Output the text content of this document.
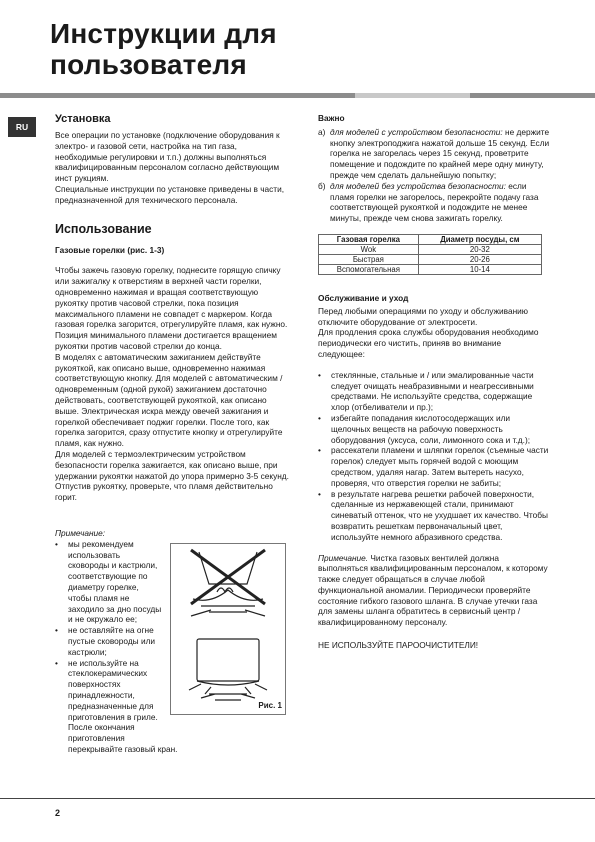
Инструкции для
пользователя
RU
Установка

Все операции по установке (подключение оборудования к электро- и газовой сети, настройка на тип газа, необходимые регулировки и т.п.) должны выполняться квалифицированным персоналом согласно действующим инст рукциям.

Специальные инструкции по установке приведены в части, предназначенной для технического персонала.

Использование
Газовые горелки (рис. 1-3)

Чтобы зажечь газовую горелку, поднесите горящую спичку или зажигалку к отверстиям в верхней части горелки, одновременно нажимая и вращая соответствующую рукоятку против часовой стрелки, пока позиция максимального пламени не совпадет с маркером. Когда газовая горелка загорится, отрегулируйте пламя, как нужно. Позиция минимального пламени достигается вращением рукоятки против часовой стрелки до конца.

В моделях с автоматическим зажиганием действуйте рукояткой, как описано выше, одновременно нажимая соответствующую кнопку. Для моделей с автоматическим / одновременным (одной рукой) зажиганием достаточно действовать, соответствующей рукояткой, как описано выше. Электрическая искра между овечей зажигания и горелкой обеспечивает поджиг горелки. После того, как горелка загорится, сразу отпустите кнопку и отрегулируйте пламя, как нужно.

Для моделей с термоэлектрическим устройством безопасности горелка зажигается, как описано выше, при удержании рукоятки нажатой до упора примерно 3-5 секунд. Отпустив рукоятку, проверьте, что пламя действительно горит.

Примечание:
• мы рекомендуем использовать сковороды и кастрюли, соответствующие по диаметру горелке, чтобы пламя не заходило за дно посуды и не окружало ее;
• не оставляйте на огне пустые сковороды или кастрюли;
• не используйте на стеклокерамических поверхностях принадлежности, предназначенные для приготовления в гриле. После окончания приготовления перекрывайте газовый кран.
Рис. 1
Важно
а) для моделей с устройством безопасности: не держите кнопку электроподжига нажатой дольше 15 секунд. Если горелка не загорелась через 15 секунд, проветрите помещение и подождите по крайней мере одну минуту, прежде чем сделать дальнейшую попытку;
б) для моделей без устройства безопасности: если пламя горелки не загорелось, перекройте подачу газа соответствующей рукояткой и подождите не менее минуты, прежде чем снова зажигать горелку.
Газовая горелка	Диаметр посуды, см
Wok	20-32
Быстрая	20-26
Вспомогательная	10-14
Обслуживание и уход

Перед любыми операциями по уходу и обслуживанию отключите оборудование от электросети.

Для продления срока службы оборудования необходимо периодически его чистить, приняв во внимание следующее:

• стеклянные, стальные и / или эмалированные части следует очищать неабразивными и неагрессивными средствами. Не используйте средства, содержащие хлор (отбеливатели и пр.);
• избегайте попадания кислотосодержащих или щелочных веществ на рабочую поверхность оборудования (уксуса, соли, лимонного сока и т.д.);
• рассекатели пламени и шляпки горелок (съемные части горелок) следует мыть горячей водой с моющим средством, удаляя нагар. Затем вытереть насухо, проверяя, что отверстия горелки не забиты;
• в результате нагрева решетки рабочей поверхности, сделанные из нержавеющей стали, принимают синеватый оттенок, что не ухудшает их качество. Чтобы возвратить решеткам первоначальный цвет, используйте немного абразивного средства.

Примечание. Чистка газовых вентилей должна выполняться квалифицированным персоналом, к которому также следует обращаться в случае любой функциональной аномалии. Периодически проверяйте состояние гибкого газового шланга. В случае утечки газа для замены шланга обратитесь в сервисный центр / квалифицированному персоналу.

НЕ ИСПОЛЬЗУЙТЕ ПАРООЧИСТИТЕЛИ!

2
